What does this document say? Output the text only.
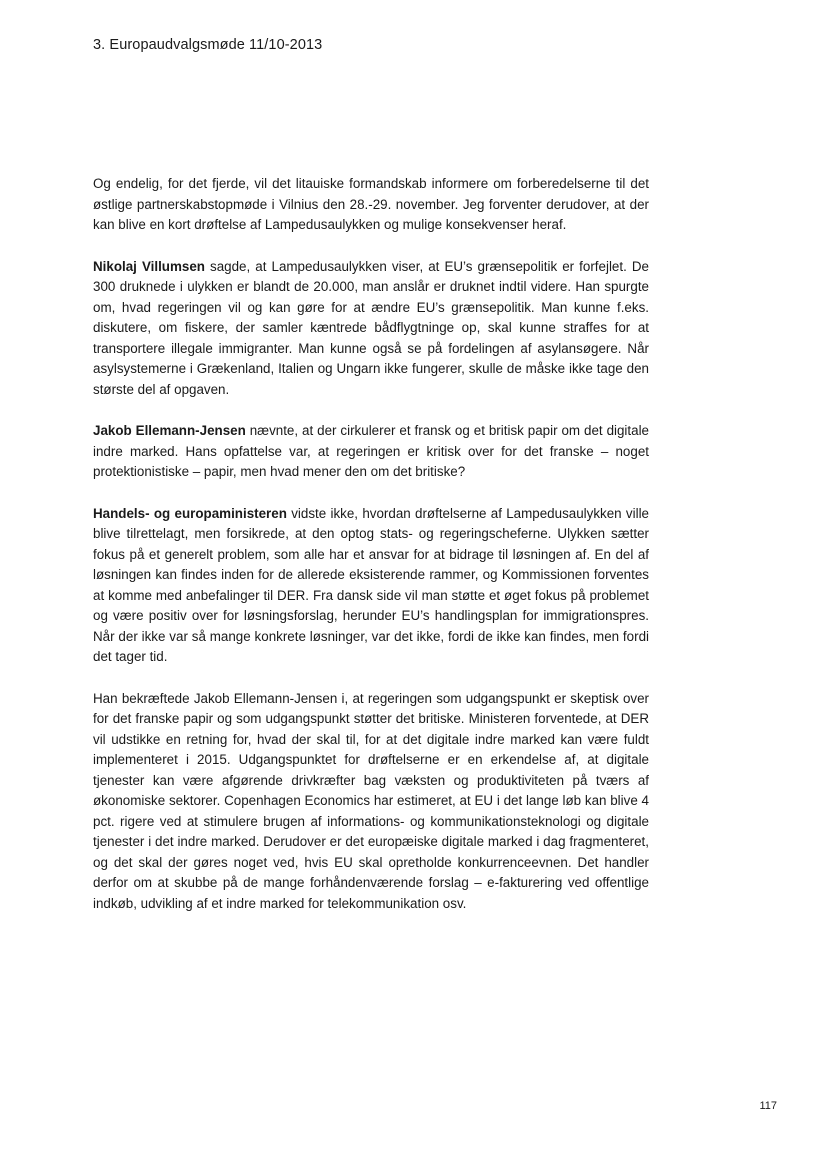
3. Europaudvalgsmøde 11/10-2013

Og endelig, for det fjerde, vil det litauiske formandskab informere om forberedelserne til det østlige partnerskabstopmøde i Vilnius den 28.-29. november. Jeg forventer derudover, at der kan blive en kort drøftelse af Lampedusaulykken og mulige konsekvenser heraf.

Nikolaj Villumsen sagde, at Lampedusaulykken viser, at EU’s grænsepolitik er forfejlet. De 300 druknede i ulykken er blandt de 20.000, man anslår er druknet indtil videre. Han spurgte om, hvad regeringen vil og kan gøre for at ændre EU’s grænsepolitik. Man kunne f.eks. diskutere, om fiskere, der samler kæntrede bådflygtninge op, skal kunne straffes for at transportere illegale immigranter. Man kunne også se på fordelingen af asylansøgere. Når asylsystemerne i Grækenland, Italien og Ungarn ikke fungerer, skulle de måske ikke tage den største del af opgaven.

Jakob Ellemann-Jensen nævnte, at der cirkulerer et fransk og et britisk papir om det digitale indre marked. Hans opfattelse var, at regeringen er kritisk over for det franske – noget protektionistiske – papir, men hvad mener den om det britiske?

Handels- og europaministeren vidste ikke, hvordan drøftelserne af Lampedusaulykken ville blive tilrettelagt, men forsikrede, at den optog stats- og regeringscheferne. Ulykken sætter fokus på et generelt problem, som alle har et ansvar for at bidrage til løsningen af. En del af løsningen kan findes inden for de allerede eksisterende rammer, og Kommissionen forventes at komme med anbefalinger til DER. Fra dansk side vil man støtte et øget fokus på problemet og være positiv over for løsningsforslag, herunder EU’s handlingsplan for immigrationspres. Når der ikke var så mange konkrete løsninger, var det ikke, fordi de ikke kan findes, men fordi det tager tid.

Han bekræftede Jakob Ellemann-Jensen i, at regeringen som udgangspunkt er skeptisk over for det franske papir og som udgangspunkt støtter det britiske. Ministeren forventede, at DER vil udstikke en retning for, hvad der skal til, for at det digitale indre marked kan være fuldt implementeret i 2015. Udgangspunktet for drøftelserne er en erkendelse af, at digitale tjenester kan være afgørende drivkræfter bag væksten og produktiviteten på tværs af økonomiske sektorer. Copenhagen Economics har estimeret, at EU i det lange løb kan blive 4 pct. rigere ved at stimulere brugen af informations- og kommunikationsteknologi og digitale tjenester i det indre marked. Derudover er det europæiske digitale marked i dag fragmenteret, og det skal der gøres noget ved, hvis EU skal opretholde konkurrenceevnen. Det handler derfor om at skubbe på de mange forhåndenværende forslag – e-fakturering ved offentlige indkøb, udvikling af et indre marked for telekommunikation osv.

117
